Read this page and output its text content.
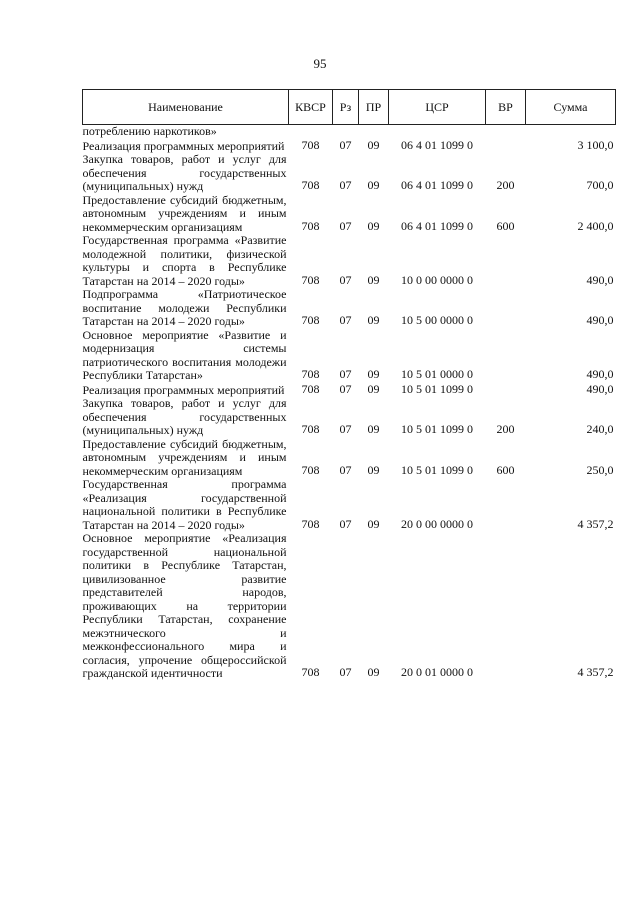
95
Наименование	КВСР	Рз	ПР	ЦСР	ВР	Сумма
потреблению наркотиков»						
Реализация программных мероприятий	708	07	09	06 4 01 1099 0		3 100,0
Закупка товаров, работ и услуг для обеспечения государственных (муниципальных) нужд	708	07	09	06 4 01 1099 0	200	700,0
Предоставление субсидий бюджетным, автономным учреждениям и иным некоммерческим организациям	708	07	09	06 4 01 1099 0	600	2 400,0
Государственная программа «Развитие молодежной политики, физической культуры и спорта в Республике Татарстан на 2014 – 2020 годы»	708	07	09	10 0 00 0000 0		490,0
Подпрограмма «Патриотическое воспитание молодежи Республики Татарстан на 2014 – 2020 годы»	708	07	09	10 5 00 0000 0		490,0
Основное мероприятие «Развитие и модернизация системы патриотического воспитания молодежи Республики Татарстан»	708	07	09	10 5 01 0000 0		490,0
Реализация программных мероприятий	708	07	09	10 5 01 1099 0		490,0
Закупка товаров, работ и услуг для обеспечения государственных (муниципальных) нужд	708	07	09	10 5 01 1099 0	200	240,0
Предоставление субсидий бюджетным, автономным учреждениям и иным некоммерческим организациям	708	07	09	10 5 01 1099 0	600	250,0
Государственная программа «Реализация государственной национальной политики в Республике Татарстан на 2014 – 2020 годы»	708	07	09	20 0 00 0000 0		4 357,2
Основное мероприятие «Реализация государственной национальной политики в Республике Татарстан, цивилизованное развитие представителей народов, проживающих на территории Республики Татарстан, сохранение межэтнического и межконфессионального мира и согласия, упрочение общероссийской гражданской идентичности	708	07	09	20 0 01 0000 0		4 357,2
